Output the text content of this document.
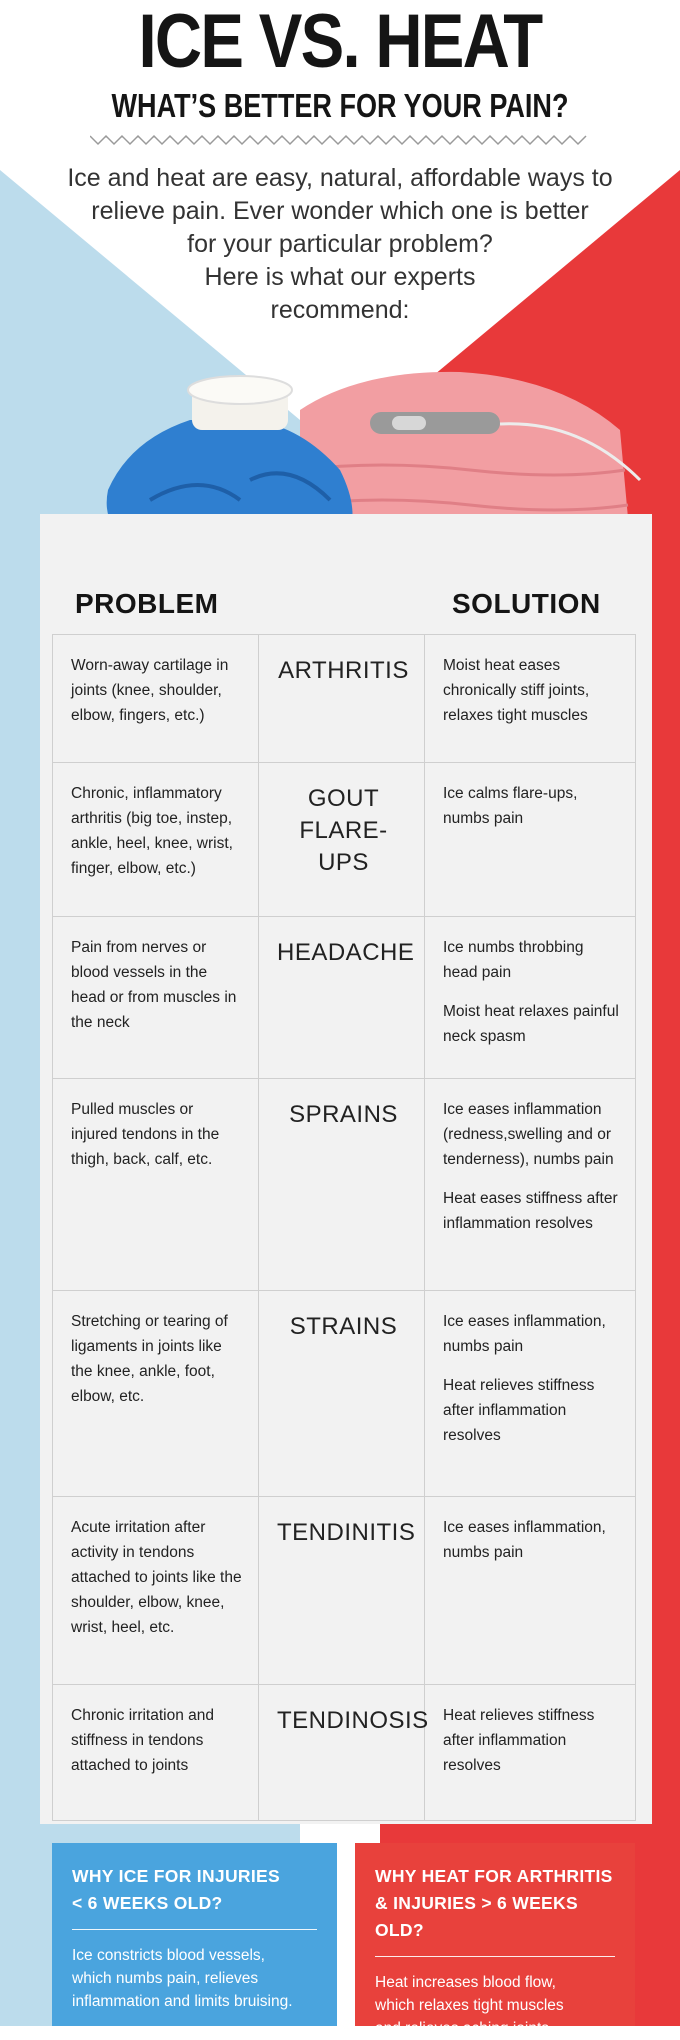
ICE VS. HEAT
WHAT’S BETTER FOR YOUR PAIN?
Ice and heat are easy, natural, affordable ways to
relieve pain. Ever wonder which one is better
for your particular problem?
Here is what our experts
recommend:
PROBLEM	SOLUTION
Worn-away cartilage in joints (knee, shoulder, elbow, fingers, etc.)	ARTHRITIS	Moist heat eases chronically stiff joints, relaxes tight muscles

Chronic, inflammatory arthritis (big toe, instep, ankle, heel, knee, wrist, finger, elbow, etc.)	GOUT FLARE-UPS	Ice calms flare-ups, numbs pain

Pain from nerves or blood vessels in the head or from muscles in the neck	HEADACHE	Ice numbs throbbing head pain

Moist heat relaxes painful neck spasm

Pulled muscles or injured tendons in the thigh, back, calf, etc.	SPRAINS	Ice eases inflammation (redness,swelling and or tenderness), numbs pain

Heat eases stiffness after inflammation resolves

Stretching or tearing of ligaments in joints like the knee, ankle, foot, elbow, etc.	STRAINS	Ice eases inflammation, numbs pain

Heat relieves stiffness after inflammation resolves

Acute irritation after activity in tendons attached to joints like the shoulder, elbow, knee, wrist, heel, etc.	TENDINITIS	Ice eases inflammation, numbs pain

Chronic irritation and stiffness in tendons attached to joints	TENDINOSIS	Heat relieves stiffness after inflammation resolves

WHY ICE FOR INJURIES
< 6 WEEKS OLD?

Ice constricts blood vessels,
which numbs pain, relieves
inflammation and limits bruising.

WHY HEAT FOR ARTHRITIS
& INJURIES > 6 WEEKS OLD?

Heat increases blood flow,
which relaxes tight muscles
and relieves aching joints.
